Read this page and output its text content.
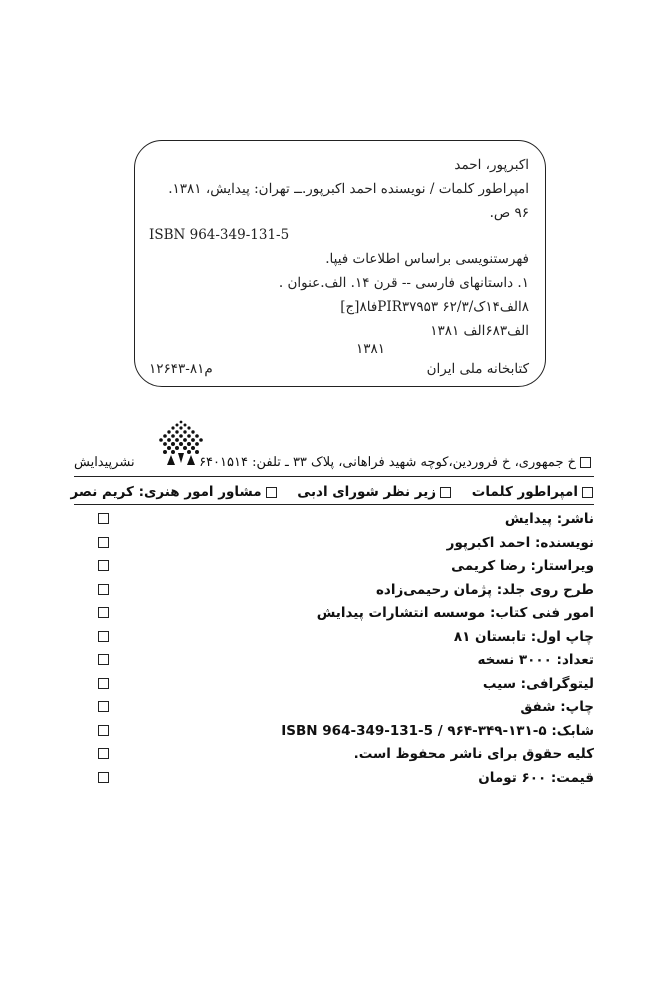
اکبرپور، احمد
امپراطور کلمات / نویسنده احمد اکبرپور.ــ تهران: پیدایش، ۱۳۸۱.
۹۶ ص.
ISBN 964-349-131-5
فهرستنویسی براساس اطلاعات فیپا.
۱. داستانهای فارسی -- قرن ۱۴. الف.عنوان .
۸الف۱۴ک/PIR۳۷۹۵۳ ۶۲/۳فا۸[ج]
الف۶۸۳الف ۱۳۸۱
۱۳۸۱
کتابخانه ملی ایران
م۸۱-۱۲۶۴۳
خ جمهوری، خ فروردین،کوچه شهید فراهانی، پلاک ۳۳ ـ تلفن: ۶۴۰۱۵۱۴
نشرپیدایش
امپراطور کلمات زیر نظر شورای ادبی مشاور امور هنری: کریم نصر
ناشر: پیدایش
نویسنده: احمد اکبرپور
ویراستار: رضا کریمی
طرح روی جلد: پژمان رحیمی‌زاده
امور فنی کتاب: موسسه انتشارات پیدایش
چاپ اول: تابستان ۸۱
تعداد: ۳۰۰۰ نسخه
لیتوگرافی: سیب
چاپ: شفق
شابک: ۵-۱۳۱-۳۴۹-۹۶۴ / ISBN 964-349-131-5
کلیه حقوق برای ناشر محفوظ است.
قیمت: ۶۰۰ تومان
